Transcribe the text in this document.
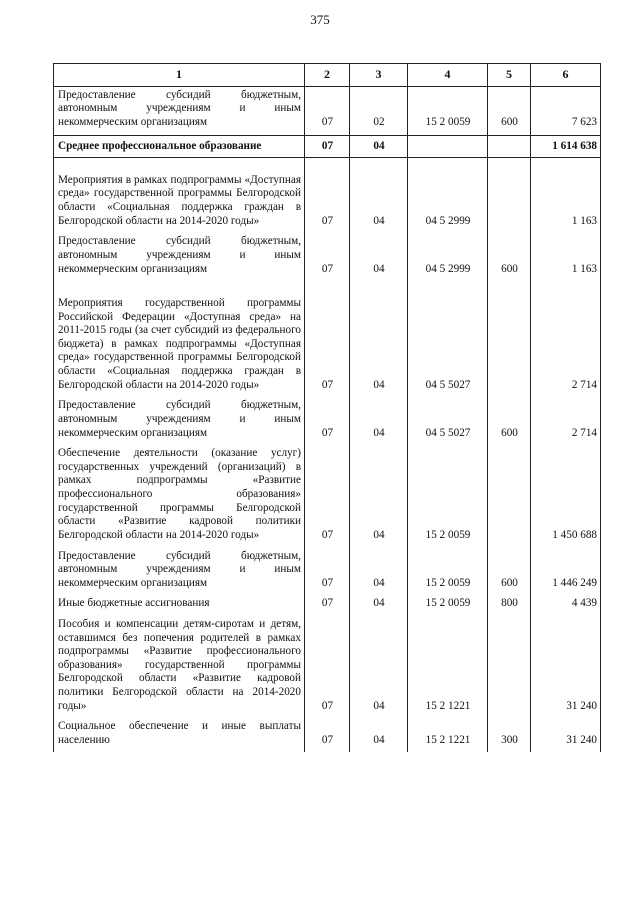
375
1	2	3	4	5	6
Предоставление субсидий бюджетным, автономным учреждениям и иным некоммерческим организациям	07	02	15 2 0059	600	7 623
Среднее профессиональное образование	07	04			1 614 638
Мероприятия в рамках подпрограммы «Доступная среда» государственной программы Белгородской области «Социальная поддержка граждан в Белгородской области на 2014-2020 годы»	07	04	04 5 2999		1 163
Предоставление субсидий бюджетным, автономным учреждениям и иным некоммерческим организациям	07	04	04 5 2999	600	1 163
Мероприятия государственной программы Российской Федерации «Доступная среда» на 2011-2015 годы (за счет субсидий из федерального бюджета) в рамках подпрограммы «Доступная среда» государственной программы Белгородской области «Социальная поддержка граждан в Белгородской области на 2014-2020 годы»	07	04	04 5 5027		2 714
Предоставление субсидий бюджетным, автономным учреждениям и иным некоммерческим организациям	07	04	04 5 5027	600	2 714
Обеспечение деятельности (оказание услуг) государственных учреждений (организаций) в рамках подпрограммы «Развитие профессионального образования» государственной программы Белгородской области «Развитие кадровой политики Белгородской области на 2014-2020 годы»	07	04	15 2 0059		1 450 688
Предоставление субсидий бюджетным, автономным учреждениям и иным некоммерческим организациям	07	04	15 2 0059	600	1 446 249
Иные бюджетные ассигнования	07	04	15 2 0059	800	4 439
Пособия и компенсации детям-сиротам и детям, оставшимся без попечения родителей в рамках подпрограммы «Развитие профессионального образования» государственной программы Белгородской области «Развитие кадровой политики Белгородской области на 2014-2020 годы»	07	04	15 2 1221		31 240
Социальное обеспечение и иные выплаты населению	07	04	15 2 1221	300	31 240
